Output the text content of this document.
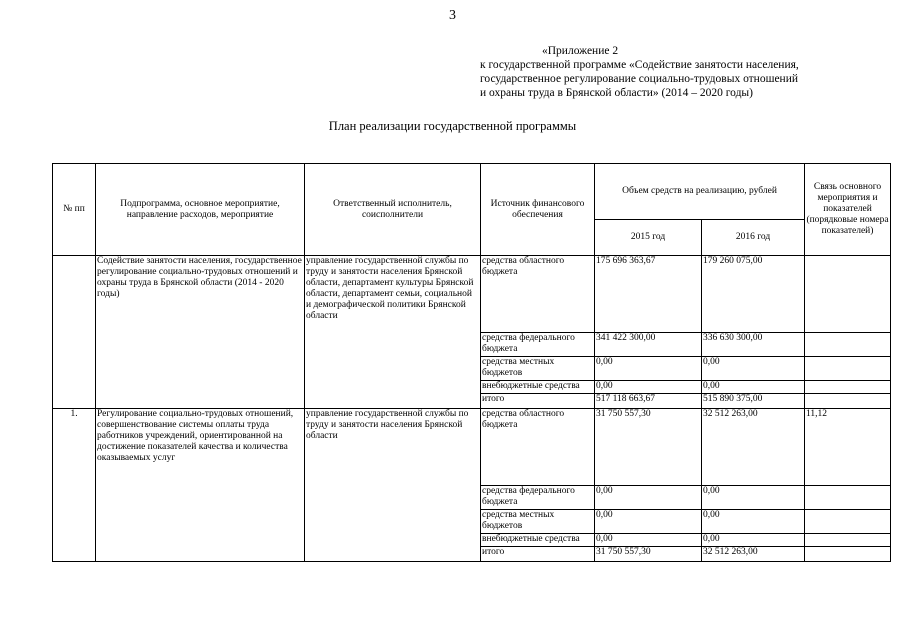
3
«Приложение 2
к государственной программе «Содействие занятости населения,
государственное регулирование социально-трудовых отношений
и охраны труда в Брянской области» (2014 – 2020 годы)
План реализации государственной программы
№ пп	Подпрограмма, основное мероприятие, направление расходов, мероприятие	Ответственный исполнитель, соисполнители	Источник финансового обеспечения	Объем средств на реализацию, рублей		Связь основного мероприятия и показателей (порядковые номера показателей)
				2015 год	2016 год	
	Содействие занятости населения, государственное регулирование социально-трудовых отношений и охраны труда в Брянской области (2014 - 2020 годы)	управление государственной службы по труду и занятости населения Брянской области, департамент культуры Брянской области, департамент семьи, социальной и демографической политики Брянской области	средства областного бюджета	175 696 363,67	179 260 075,00	
			средства федерального бюджета	341 422 300,00	336 630 300,00	
			средства местных бюджетов	0,00	0,00	
			внебюджетные средства	0,00	0,00	
			итого	517 118 663,67	515 890 375,00	
1.	Регулирование социально-трудовых отношений, совершенствование системы оплаты труда работников учреждений, ориентированной на достижение показателей качества и количества оказываемых услуг	управление государственной службы по труду и занятости населения Брянской области	средства областного бюджета	31 750 557,30	32 512 263,00	11,12
			средства федерального бюджета	0,00	0,00	
			средства местных бюджетов	0,00	0,00	
			внебюджетные средства	0,00	0,00	
			итого	31 750 557,30	32 512 263,00	
